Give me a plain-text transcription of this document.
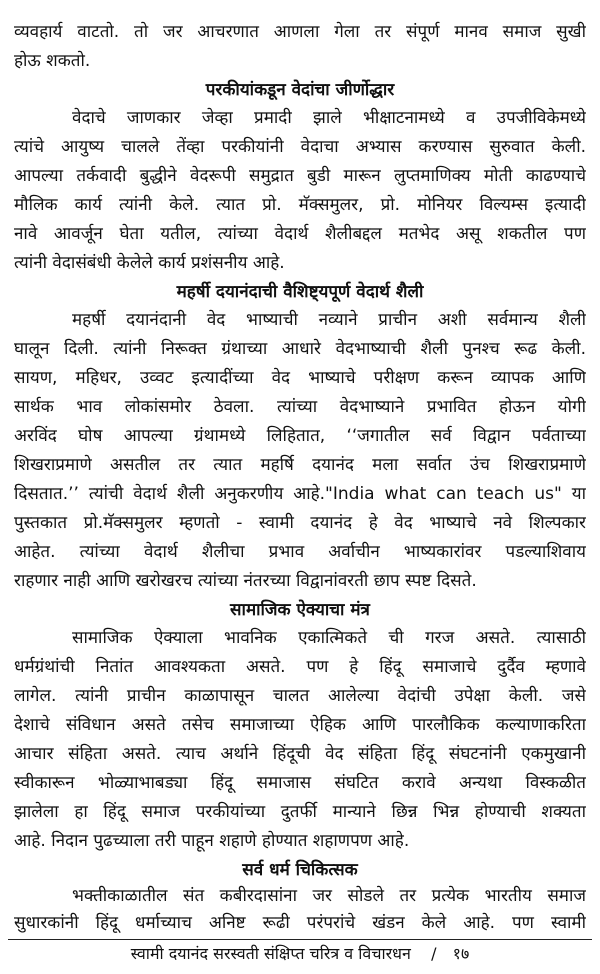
व्यवहार्य वाटतो. तो जर आचरणात आणला गेला तर संपूर्ण मानव समाज सुखी
होऊ शकतो.
परकीयांकडून वेदांचा जीर्णोद्धार
वेदाचे जाणकार जेव्हा प्रमादी झाले भीक्षाटनामध्ये व उपजीविकेमध्ये
त्यांचे आयुष्य चालले तेंव्हा परकीयांनी वेदाचा अभ्यास करण्यास सुरुवात केली.
आपल्या तर्कवादी बुद्धीने वेदरूपी समुद्रात बुडी मारून लुप्तमाणिक्य मोती काढण्याचे
मौलिक कार्य त्यांनी केले. त्यात प्रो. मॅक्समुलर, प्रो. मोनियर विल्यम्स इत्यादी
नावे आवर्जून घेता यतील, त्यांच्या वेदार्थ शैलीबद्दल मतभेद असू शकतील पण
त्यांनी वेदासंबंधी केलेले कार्य प्रशंसनीय आहे.
महर्षी दयानंदाची वैशिष्ट्यपूर्ण वेदार्थ शैली
महर्षी दयानंदानी वेद भाष्याची नव्याने प्राचीन अशी सर्वमान्य शैली
घालून दिली. त्यांनी निरूक्त ग्रंथाच्या आधारे वेदभाष्याची शैली पुनश्च रूढ केली.
सायण, महिधर, उव्वट इत्यादींच्या वेद भाष्याचे परीक्षण करून व्यापक आणि
सार्थक भाव लोकांसमोर ठेवला. त्यांच्या वेदभाष्याने प्रभावित होऊन योगी
अरविंद घोष आपल्या ग्रंथामध्ये लिहितात, ‘‘जगातील सर्व विद्वान पर्वताच्या
शिखराप्रमाणे असतील तर त्यात महर्षि दयानंद मला सर्वात उंच शिखराप्रमाणे
दिसतात.’’ त्यांची वेदार्थ शैली अनुकरणीय आहे."India what can teach us" या
पुस्तकात प्रो.मॅक्समुलर म्हणतो - स्वामी दयानंद हे वेद भाष्याचे नवे शिल्पकार
आहेत. त्यांच्या वेदार्थ शैलीचा प्रभाव अर्वाचीन भाष्यकारांवर पडल्याशिवाय
राहणार नाही आणि खरोखरच त्यांच्या नंतरच्या विद्वानांवरती छाप स्पष्ट दिसते.
सामाजिक ऐक्याचा मंत्र
सामाजिक ऐक्याला भावनिक एकात्मिकते ची गरज असते. त्यासाठी
धर्मग्रंथांची नितांत आवश्यकता असते. पण हे हिंदू समाजाचे दुर्दैव म्हणावे
लागेल. त्यांनी प्राचीन काळापासून चालत आलेल्या वेदांची उपेक्षा केली. जसे
देशाचे संविधान असते तसेच समाजाच्या ऐहिक आणि पारलौकिक कल्याणाकरिता
आचार संहिता असते. त्याच अर्थाने हिंदूची वेद संहिता हिंदू संघटनांनी एकमुखानी
स्वीकारून भोळ्याभाबड्या हिंदू समाजास संघटित करावे अन्यथा विस्कळीत
झालेला हा हिंदू समाज परकीयांच्या दुतर्फी मान्याने छिन्न भिन्न होण्याची शक्यता
आहे. निदान पुढच्याला तरी पाहून शहाणे होण्यात शहाणपण आहे.
सर्व धर्म चिकित्सक
भक्तीकाळातील संत कबीरदासांना जर सोडले तर प्रत्येक भारतीय समाज
सुधारकांनी हिंदू धर्माच्याच अनिष्ट रूढी परंपरांचे खंडन केले आहे. पण स्वामी
स्वामी दयानंद सरस्वती संक्षिप्त चरित्र व विचारधन / १७
